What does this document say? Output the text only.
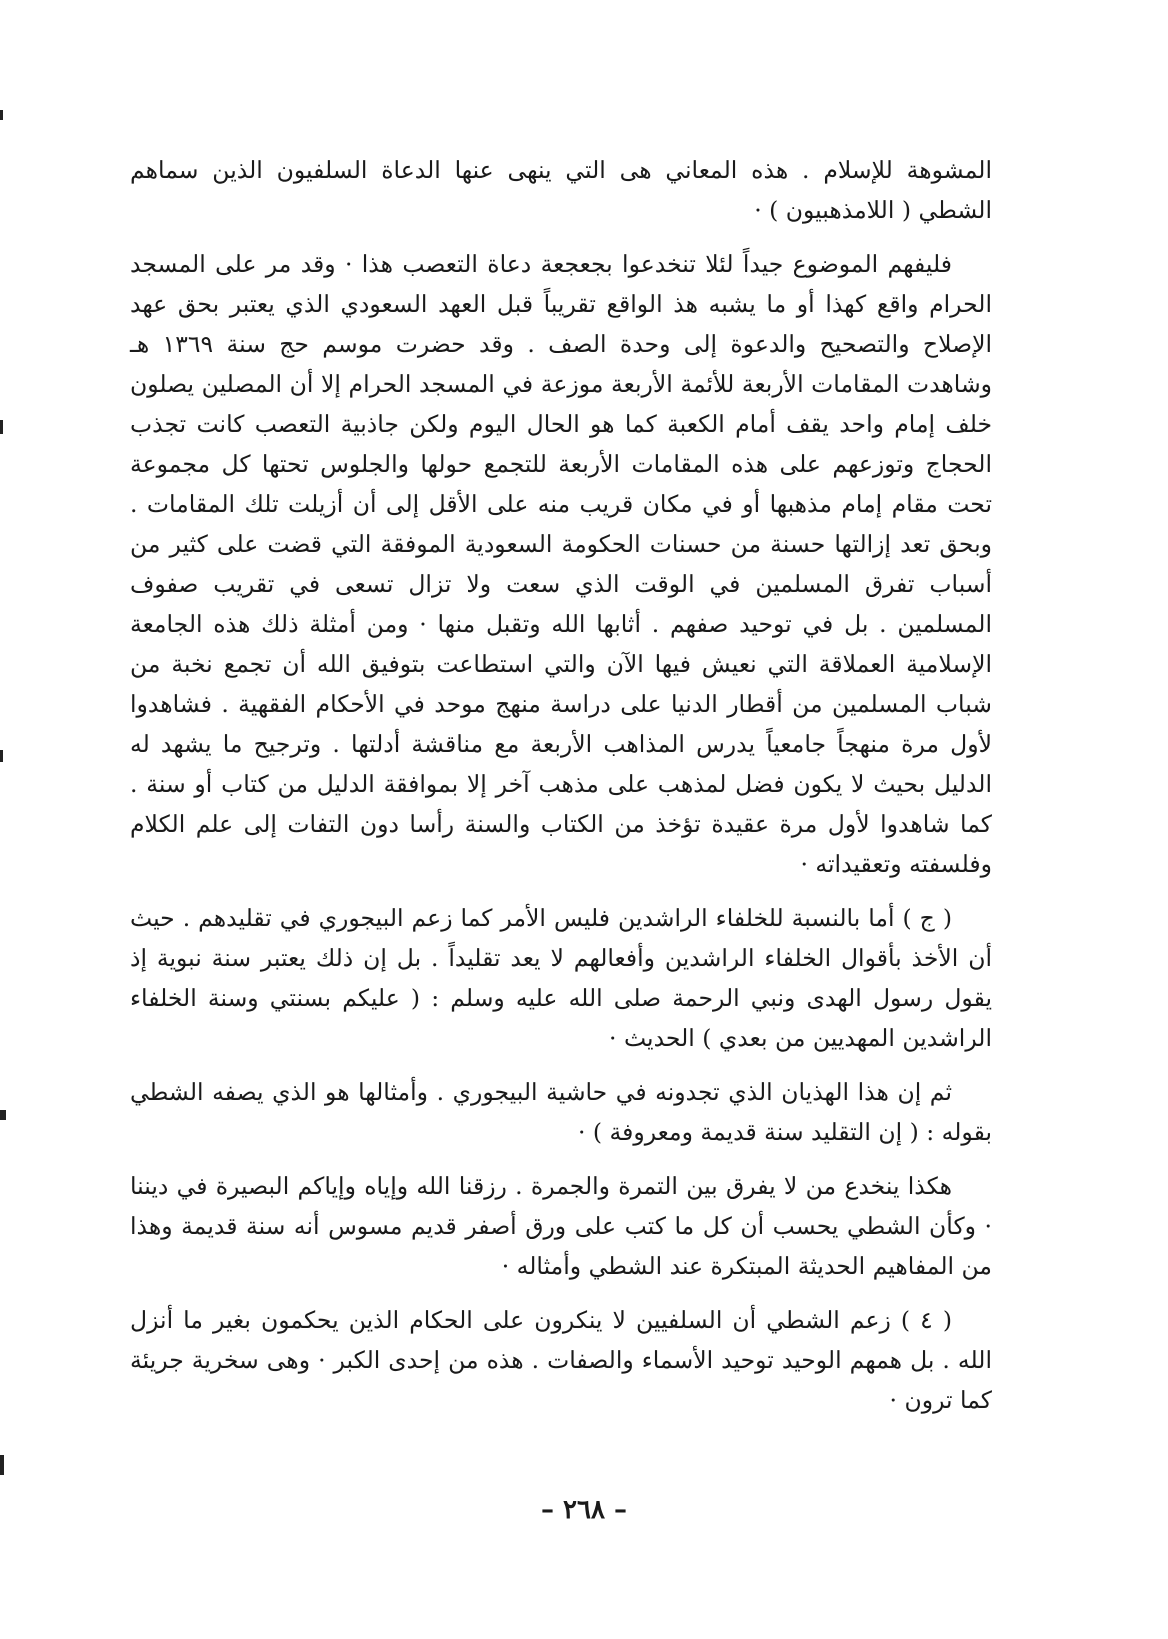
المشوهة للإسلام . هذه المعاني هى التي ينهى عنها الدعاة السلفيون الذين سماهم الشطي ( اللامذهبيون ) ·

فليفهم الموضوع جيداً لئلا تنخدعوا بجعجعة دعاة التعصب هذا · وقد مر على المسجد الحرام واقع كهذا أو ما يشبه هذ الواقع تقريباً قبل العهد السعودي الذي يعتبر بحق عهد الإصلاح والتصحيح والدعوة إلى وحدة الصف . وقد حضرت موسم حج سنة ١٣٦٩ هـ وشاهدت المقامات الأربعة للأئمة الأربعة موزعة في المسجد الحرام إلا أن المصلين يصلون خلف إمام واحد يقف أمام الكعبة كما هو الحال اليوم ولكن جاذبية التعصب كانت تجذب الحجاج وتوزعهم على هذه المقامات الأربعة للتجمع حولها والجلوس تحتها كل مجموعة تحت مقام إمام مذهبها أو في مكان قريب منه على الأقل إلى أن أزيلت تلك المقامات . وبحق تعد إزالتها حسنة من حسنات الحكومة السعودية الموفقة التي قضت على كثير من أسباب تفرق المسلمين في الوقت الذي سعت ولا تزال تسعى في تقريب صفوف المسلمين . بل في توحيد صفهم . أثابها الله وتقبل منها · ومن أمثلة ذلك هذه الجامعة الإسلامية العملاقة التي نعيش فيها الآن والتي استطاعت بتوفيق الله أن تجمع نخبة من شباب المسلمين من أقطار الدنيا على دراسة منهج موحد في الأحكام الفقهية . فشاهدوا لأول مرة منهجاً جامعياً يدرس المذاهب الأربعة مع مناقشة أدلتها . وترجيح ما يشهد له الدليل بحيث لا يكون فضل لمذهب على مذهب آخر إلا بموافقة الدليل من كتاب أو سنة . كما شاهدوا لأول مرة عقيدة تؤخذ من الكتاب والسنة رأسا دون التفات إلى علم الكلام وفلسفته وتعقيداته ·

( ج ) أما بالنسبة للخلفاء الراشدين فليس الأمر كما زعم البيجوري في تقليدهم . حيث أن الأخذ بأقوال الخلفاء الراشدين وأفعالهم لا يعد تقليداً . بل إن ذلك يعتبر سنة نبوية إذ يقول رسول الهدى ونبي الرحمة صلى الله عليه وسلم : ( عليكم بسنتي وسنة الخلفاء الراشدين المهديين من بعدي ) الحديث ·

ثم إن هذا الهذيان الذي تجدونه في حاشية البيجوري . وأمثالها هو الذي يصفه الشطي بقوله : ( إن التقليد سنة قديمة ومعروفة ) ·

هكذا ينخدع من لا يفرق بين التمرة والجمرة . رزقنا الله وإياه وإياكم البصيرة في ديننا · وكأن الشطي يحسب أن كل ما كتب على ورق أصفر قديم مسوس أنه سنة قديمة وهذا من المفاهيم الحديثة المبتكرة عند الشطي وأمثاله ·

( ٤ ) زعم الشطي أن السلفيين لا ينكرون على الحكام الذين يحكمون بغير ما أنزل الله . بل همهم الوحيد توحيد الأسماء والصفات . هذه من إحدى الكبر · وهى سخرية جريئة كما ترون ·

– ٢٦٨ –
